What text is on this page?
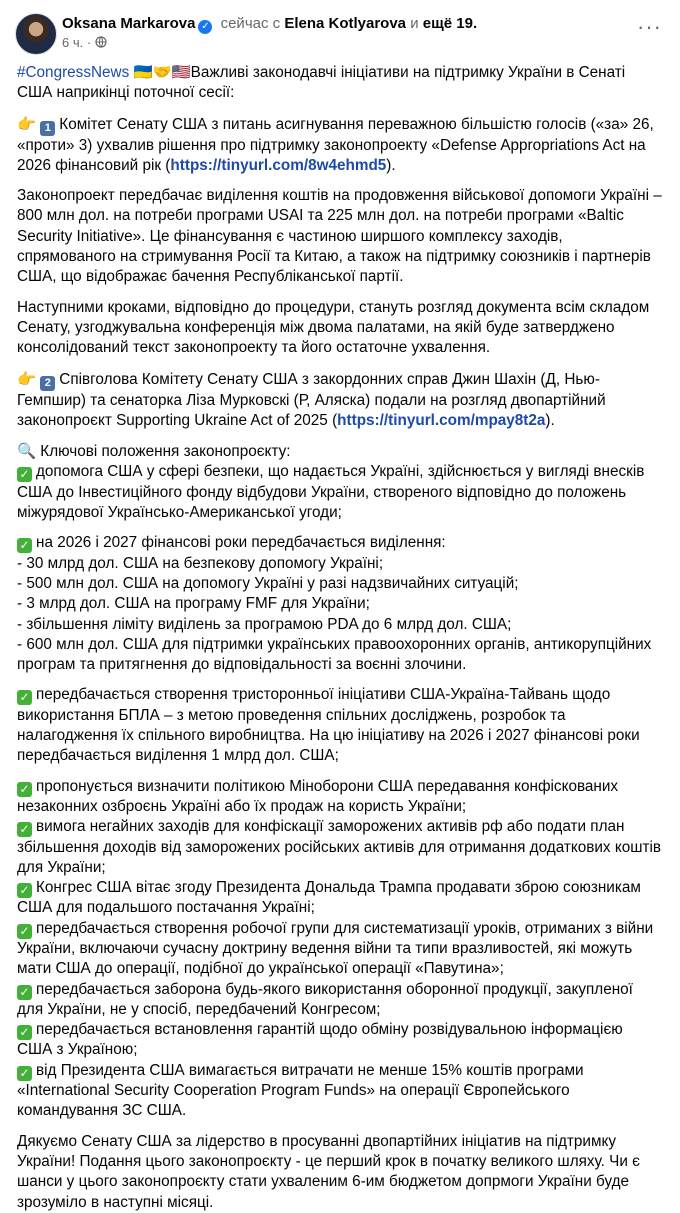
Oksana Markarova ✓ сейчас с Elena Kotlyarova и ещё 19.
6 ч. ·
···

#CongressNews 🇺🇦🤝🇺🇸Важливі законодавчі ініціативи на підтримку України в Сенаті США наприкінці поточної сесії:

👉 1 Комітет Сенату США з питань асигнування переважною більшістю голосів («за» 26, «проти» 3) ухвалив рішення про підтримку законопроекту «Defense Appropriations Act на 2026 фінансовий рік (https://tinyurl.com/8w4ehmd5).

Законопроект передбачає виділення коштів на продовження військової допомоги Україні – 800 млн дол. на потреби програми USAI та 225 млн дол. на потреби програми «Baltic Security Initiative». Це фінансування є частиною ширшого комплексу заходів, спрямованого на стримування Росії та Китаю, а також на підтримку союзників і партнерів США, що відображає бачення Республіканської партії.

Наступними кроками, відповідно до процедури, стануть розгляд документа всім складом Сенату, узгоджувальна конференція між двома палатами, на якій буде затверджено консолідований текст законопроекту та його остаточне ухвалення.

👉 2 Співголова Комітету Сенату США з закордонних справ Джин Шахін (Д, Нью-Гемпшир) та сенаторка Ліза Мурковскі (Р, Аляска) подали на розгляд двопартійний законопроєкт Supporting Ukraine Act of 2025 (https://tinyurl.com/mpay8t2a).

🔍 Ключові положення законопроєкту:

✓ допомога США у сфері безпеки, що надається Україні, здійснюється у вигляді внесків США до Інвестиційного фонду відбудови України, створеного відповідно до положень міжурядової Українсько-Американської угоди;

✓ на 2026 і 2027 фінансові роки передбачається виділення:
- 30 млрд дол. США на безпекову допомогу Україні;
- 500 млн дол. США на допомогу Україні у разі надзвичайних ситуацій;
- 3 млрд дол. США на програму FMF для України;
- збільшення ліміту виділень за програмою PDA до 6 млрд дол. США;
- 600 млн дол. США для підтримки українських правоохоронних органів, антикорупційних програм та притягнення до відповідальності за воєнні злочини.

✓ передбачається створення тристоронньої ініціативи США-Україна-Тайвань щодо використання БПЛА – з метою проведення спільних досліджень, розробок та налагодження їх спільного виробництва. На цю ініціативу на 2026 і 2027 фінансові роки передбачається виділення 1 млрд дол. США;

✓ пропонується визначити політикою Міноборони США передавання конфіскованих незаконних озброєнь Україні або їх продаж на користь України;
✓ вимога негайних заходів для конфіскації заморожених активів рф або подати план збільшення доходів від заморожених російських активів для отримання додаткових коштів для України;
✓ Конгрес США вітає згоду Президента Дональда Трампа продавати зброю союзникам США для подальшого постачання Україні;
✓ передбачається створення робочої групи для систематизації уроків, отриманих з війни України, включаючи сучасну доктрину ведення війни та типи вразливостей, які можуть мати США до операції, подібної до української операції «Павутина»;
✓ передбачається заборона будь-якого використання оборонної продукції, закупленої для України, не у спосіб, передбачений Конгресом;
✓ передбачається встановлення гарантій щодо обміну розвідувальною інформацією США з Україною;
✓ від Президента США вимагається витрачати не менше 15% коштів програми «International Security Cooperation Program Funds» на операції Європейського командування ЗС США.

Дякуємо Сенату США за лідерство в просуванні двопартійних ініціатив на підтримку України! Подання цього законопроєкту - це перший крок в початку великого шляху. Чи є шанси у цього законопроєкту стати ухваленим 6-им бюджетом допрмоги України буде зрозуміло в наступні місяці.
